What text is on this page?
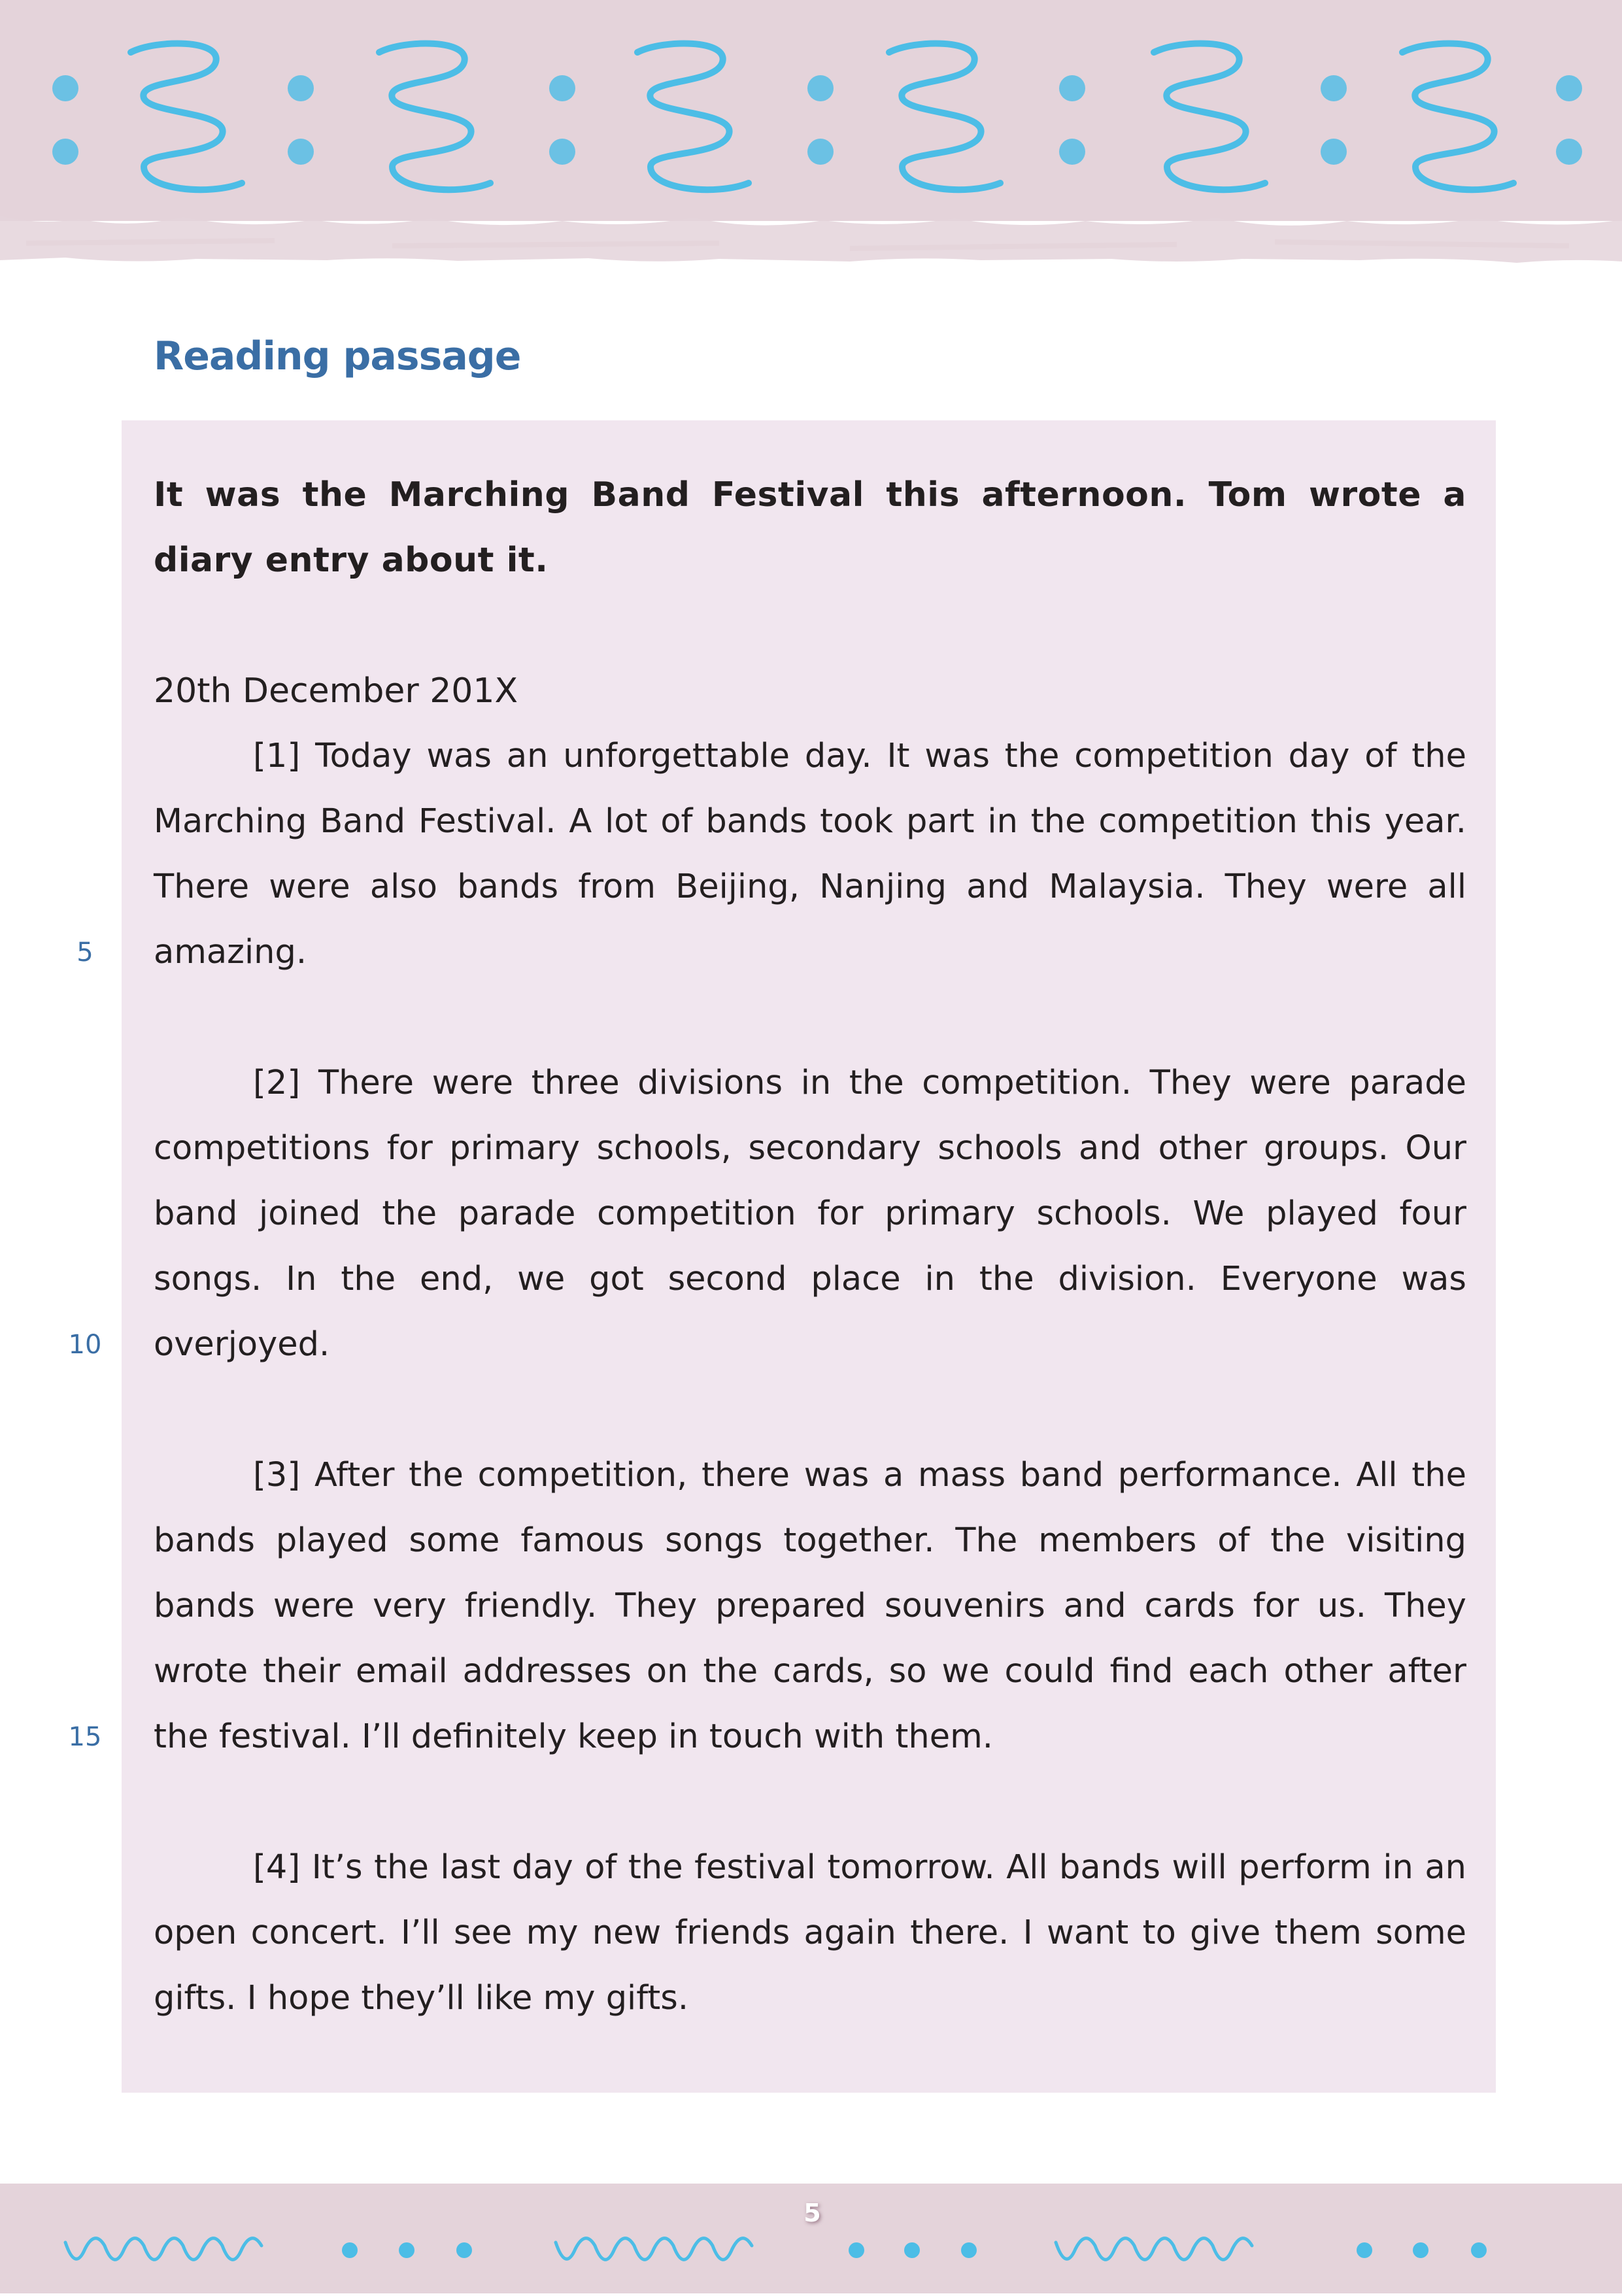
Reading passage

It was the Marching Band Festival this afternoon. Tom wrote a diary entry about it.

20th December 201X

[1] Today was an unforgettable day. It was the competition day of the Marching Band Festival. A lot of bands took part in the competition this year. There were also bands from Beijing, Nanjing and Malaysia. They were all amazing.

[2] There were three divisions in the competition. They were parade competitions for primary schools, secondary schools and other groups. Our band joined the parade competition for primary schools. We played four songs. In the end, we got second place in the division. Everyone was overjoyed.

[3] After the competition, there was a mass band performance. All the bands played some famous songs together. The members of the visiting bands were very friendly. They prepared souvenirs and cards for us. They wrote their email addresses on the cards, so we could find each other after the festival. I’ll definitely keep in touch with them.

[4] It’s the last day of the festival tomorrow. All bands will perform in an open concert. I’ll see my new friends again there. I want to give them some gifts. I hope they’ll like my gifts.

5
10
15
5
